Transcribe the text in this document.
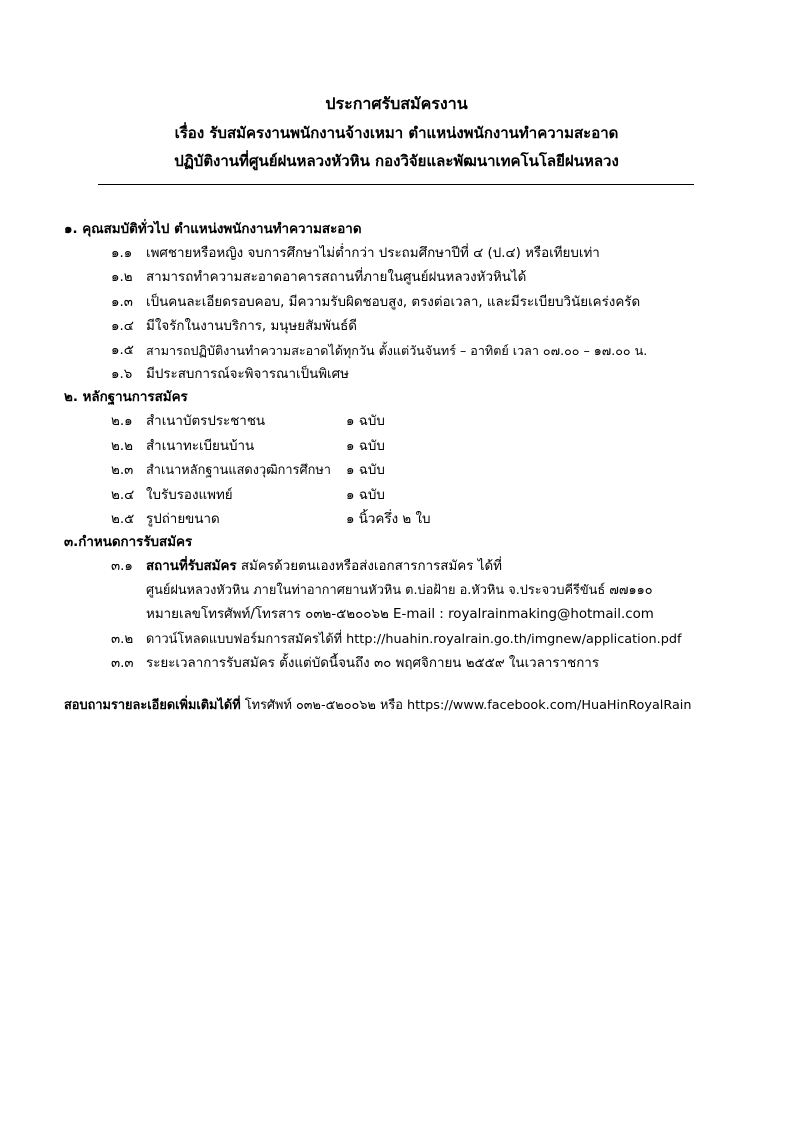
ประกาศรับสมัครงาน
เรื่อง รับสมัครงานพนักงานจ้างเหมา ตำแหน่งพนักงานทำความสะอาด
ปฏิบัติงานที่ศูนย์ฝนหลวงหัวหิน กองวิจัยและพัฒนาเทคโนโลยีฝนหลวง
๑. คุณสมบัติทั่วไป ตำแหน่งพนักงานทำความสะอาด
๑.๑ เพศชายหรือหญิง จบการศึกษาไม่ต่ำกว่า ประถมศึกษาปีที่ ๔ (ป.๔) หรือเทียบเท่า
๑.๒ สามารถทำความสะอาดอาคารสถานที่ภายในศูนย์ฝนหลวงหัวหินได้
๑.๓ เป็นคนละเอียดรอบคอบ, มีความรับผิดชอบสูง, ตรงต่อเวลา, และมีระเบียบวินัยเคร่งครัด
๑.๔ มีใจรักในงานบริการ, มนุษยสัมพันธ์ดี
๑.๕ สามารถปฏิบัติงานทำความสะอาดได้ทุกวัน ตั้งแต่วันจันทร์ – อาทิตย์ เวลา ๐๗.๐๐ – ๑๗.๐๐ น.
๑.๖ มีประสบการณ์จะพิจารณาเป็นพิเศษ
๒. หลักฐานการสมัคร
๒.๑ สำเนาบัตรประชาชน	๑ ฉบับ
๒.๒ สำเนาทะเบียนบ้าน	๑ ฉบับ
๒.๓ สำเนาหลักฐานแสดงวุฒิการศึกษา ๑ ฉบับ
๒.๔ ใบรับรองแพทย์	๑ ฉบับ
๒.๕ รูปถ่ายขนาด	๑ นิ้วครึ่ง ๒ ใบ
๓.กำหนดการรับสมัคร
๓.๑ สถานที่รับสมัคร สมัครด้วยตนเองหรือส่งเอกสารการสมัคร ได้ที่
ศูนย์ฝนหลวงหัวหิน ภายในท่าอากาศยานหัวหิน ต.บ่อฝ้าย อ.หัวหิน จ.ประจวบคีรีขันธ์ ๗๗๑๑๐
หมายเลขโทรศัพท์/โทรสาร ๐๓๒-๕๒๐๐๖๒ E-mail : royalrainmaking@hotmail.com
๓.๒ ดาวน์โหลดแบบฟอร์มการสมัครได้ที่ http://huahin.royalrain.go.th/imgnew/application.pdf
๓.๓ ระยะเวลาการรับสมัคร ตั้งแต่บัดนี้จนถึง ๓๐ พฤศจิกายน ๒๕๕๙ ในเวลาราชการ
สอบถามรายละเอียดเพิ่มเติมได้ที่ โทรศัพท์ ๐๓๒-๕๒๐๐๖๒ หรือ https://www.facebook.com/HuaHinRoyalRain
